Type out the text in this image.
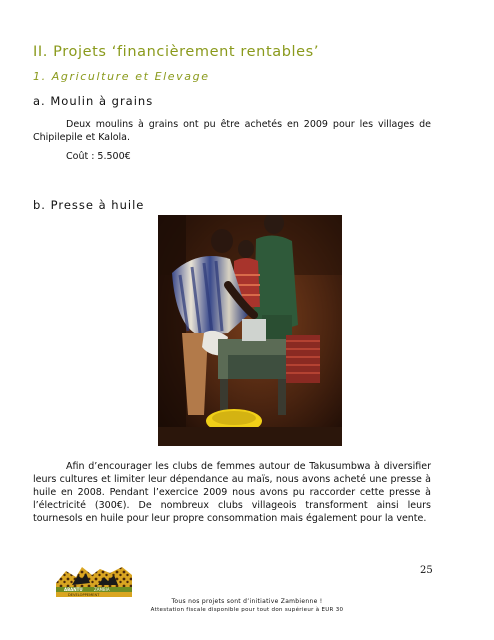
II. Projets ‘financièrement rentables’
1. Agriculture et Elevage
a. Moulin à grains
Deux moulins à grains ont pu être achetés en 2009 pour les villages de Chipilepile et Kalola.
Coût : 5.500€
b. Presse à huile
Afin d’encourager les clubs de femmes autour de Takusumbwa à diversifier leurs cultures et limiter leur dépendance au maïs, nous avons acheté une presse à huile en 2008. Pendant l’exercice 2009 nous avons pu raccorder cette presse à l’électricité (300€). De nombreux clubs villageois transforment ainsi leurs tournesols en huile pour leur propre consommation mais également pour la vente.
25
ABANTU	ZAMBIA
DEVELOPPEMENT
Tous nos projets sont d’initiative Zambienne !
Attestation fiscale disponible pour tout don supérieur à EUR 30
